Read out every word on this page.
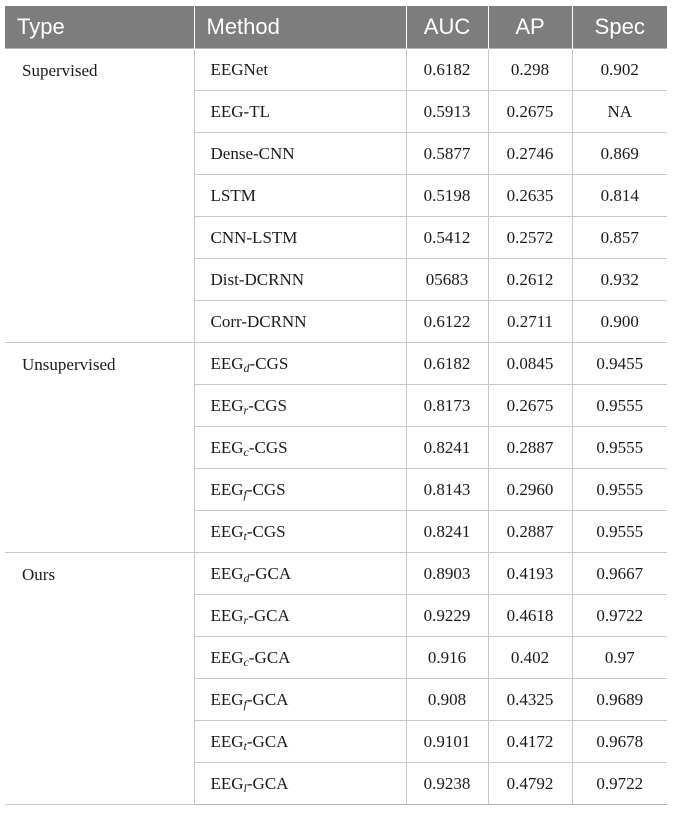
Type	Method	AUC	AP	Spec
Supervised	EEGNet	0.6182	0.298	0.902
	EEG-TL	0.5913	0.2675	NA
	Dense-CNN	0.5877	0.2746	0.869
	LSTM	0.5198	0.2635	0.814
	CNN-LSTM	0.5412	0.2572	0.857
	Dist-DCRNN	05683	0.2612	0.932
	Corr-DCRNN	0.6122	0.2711	0.900
Unsupervised	$EEG_d$-CGS	0.6182	0.0845	0.9455
	$EEG_r$-CGS	0.8173	0.2675	0.9555
	$EEG_c$-CGS	0.8241	0.2887	0.9555
	$EEG_f$-CGS	0.8143	0.2960	0.9555
	$EEG_t$-CGS	0.8241	0.2887	0.9555
Ours	$EEG_d$-GCA	0.8903	0.4193	0.9667
	$EEG_r$-GCA	0.9229	0.4618	0.9722
	$EEG_c$-GCA	0.916	0.402	0.97
	$EEG_f$-GCA	0.908	0.4325	0.9689
	$EEG_t$-GCA	0.9101	0.4172	0.9678
	$EEG_l$-GCA	0.9238	0.4792	0.9722
